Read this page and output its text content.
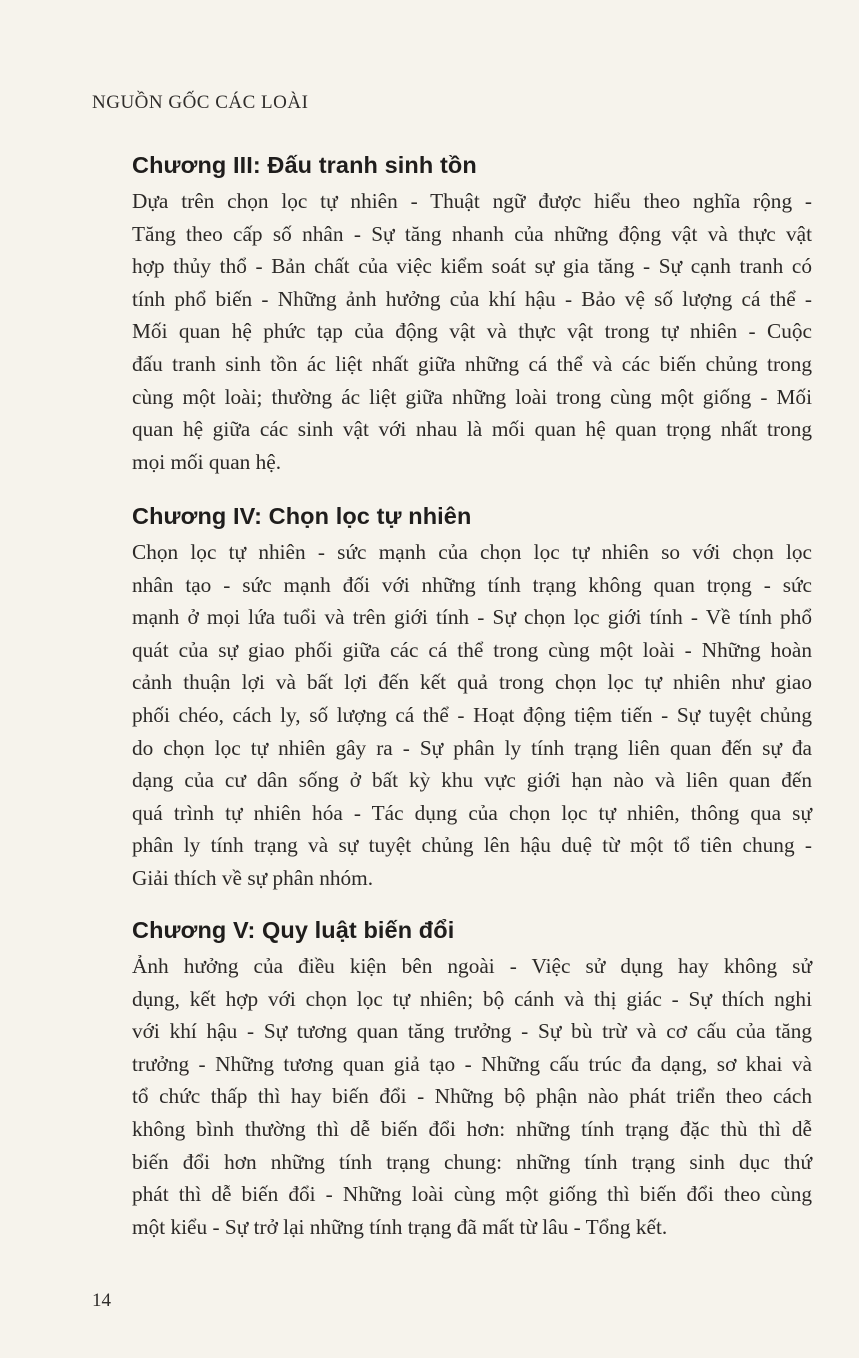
NGUỒN GỐC CÁC LOÀI
Chương III: Đấu tranh sinh tồn

Dựa trên chọn lọc tự nhiên - Thuật ngữ được hiểu theo nghĩa rộng -
Tăng theo cấp số nhân - Sự tăng nhanh của những động vật và thực vật
hợp thủy thổ - Bản chất của việc kiểm soát sự gia tăng - Sự cạnh tranh có
tính phổ biến - Những ảnh hưởng của khí hậu - Bảo vệ số lượng cá thể -
Mối quan hệ phức tạp của động vật và thực vật trong tự nhiên - Cuộc
đấu tranh sinh tồn ác liệt nhất giữa những cá thể và các biến chủng trong
cùng một loài; thường ác liệt giữa những loài trong cùng một giống - Mối
quan hệ giữa các sinh vật với nhau là mối quan hệ quan trọng nhất trong
mọi mối quan hệ.

Chương IV: Chọn lọc tự nhiên

Chọn lọc tự nhiên - sức mạnh của chọn lọc tự nhiên so với chọn lọc
nhân tạo - sức mạnh đối với những tính trạng không quan trọng - sức
mạnh ở mọi lứa tuổi và trên giới tính - Sự chọn lọc giới tính - Về tính phổ
quát của sự giao phối giữa các cá thể trong cùng một loài - Những hoàn
cảnh thuận lợi và bất lợi đến kết quả trong chọn lọc tự nhiên như giao
phối chéo, cách ly, số lượng cá thể - Hoạt động tiệm tiến - Sự tuyệt chủng
do chọn lọc tự nhiên gây ra - Sự phân ly tính trạng liên quan đến sự đa
dạng của cư dân sống ở bất kỳ khu vực giới hạn nào và liên quan đến
quá trình tự nhiên hóa - Tác dụng của chọn lọc tự nhiên, thông qua sự
phân ly tính trạng và sự tuyệt chủng lên hậu duệ từ một tổ tiên chung -
Giải thích về sự phân nhóm.

Chương V: Quy luật biến đổi

Ảnh hưởng của điều kiện bên ngoài - Việc sử dụng hay không sử
dụng, kết hợp với chọn lọc tự nhiên; bộ cánh và thị giác - Sự thích nghi
với khí hậu - Sự tương quan tăng trưởng - Sự bù trừ và cơ cấu của tăng
trưởng - Những tương quan giả tạo - Những cấu trúc đa dạng, sơ khai và
tổ chức thấp thì hay biến đổi - Những bộ phận nào phát triển theo cách
không bình thường thì dễ biến đổi hơn: những tính trạng đặc thù thì dễ
biến đổi hơn những tính trạng chung: những tính trạng sinh dục thứ
phát thì dễ biến đổi - Những loài cùng một giống thì biến đổi theo cùng
một kiểu - Sự trở lại những tính trạng đã mất từ lâu - Tổng kết.

14
